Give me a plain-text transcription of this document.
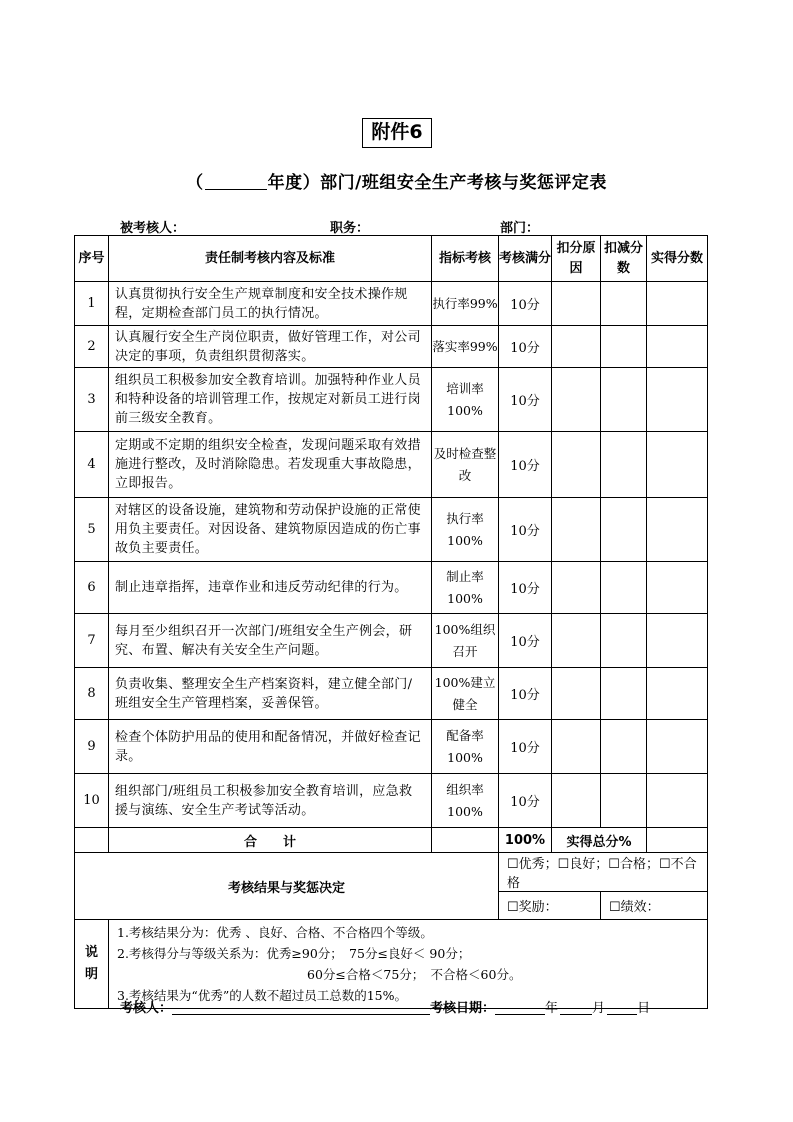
附件6
（	年度）部门/班组安全生产考核与奖惩评定表
被考核人：	职务：	部门：
序号	责任制考核内容及标准	指标考核	考核满分	扣分原因	扣减分数	实得分数
1	认真贯彻执行安全生产规章制度和安全技术操作规程，定期检查部门员工的执行情况。	执行率99%	10分			
2	认真履行安全生产岗位职责，做好管理工作，对公司决定的事项，负责组织贯彻落实。	落实率99%	10分			
3	组织员工积极参加安全教育培训。加强特种作业人员和特种设备的培训管理工作，按规定对新员工进行岗前三级安全教育。	培训率100%	10分			
4	定期或不定期的组织安全检查，发现问题采取有效措施进行整改，及时消除隐患。若发现重大事故隐患，立即报告。	及时检查整改	10分			
5	对辖区的设备设施，建筑物和劳动保护设施的正常使用负主要责任。对因设备、建筑物原因造成的伤亡事故负主要责任。	执行率100%	10分			
6	制止违章指挥，违章作业和违反劳动纪律的行为。	制止率100%	10分			
7	每月至少组织召开一次部门/班组安全生产例会，研究、布置、解决有关安全生产问题。	100%组织召开	10分			
8	负责收集、整理安全生产档案资料，建立健全部门/班组安全生产管理档案，妥善保管。	100%建立健全	10分			
9	检查个体防护用品的使用和配备情况，并做好检查记录。	配备率100%	10分			
10	组织部门/班组员工积极参加安全教育培训，应急救援与演练、安全生产考试等活动。	组织率100%	10分			
	合　　计		100%	实得总分%		
考核结果与奖惩决定			☐优秀；☐良好；☐合格；☐不合格			
			☐奖励：		☐绩效：	
说明	1.考核结果分为：优秀 、良好、合格、不合格四个等级。
2.考核得分与等级关系为：优秀≥90分；　75分≤良好＜ 90分；
60分≤合格＜75分；　不合格＜60分。
3.考核结果为“优秀”的人数不超过员工总数的15%。					
考核人：	考核日期：	年	月 日
